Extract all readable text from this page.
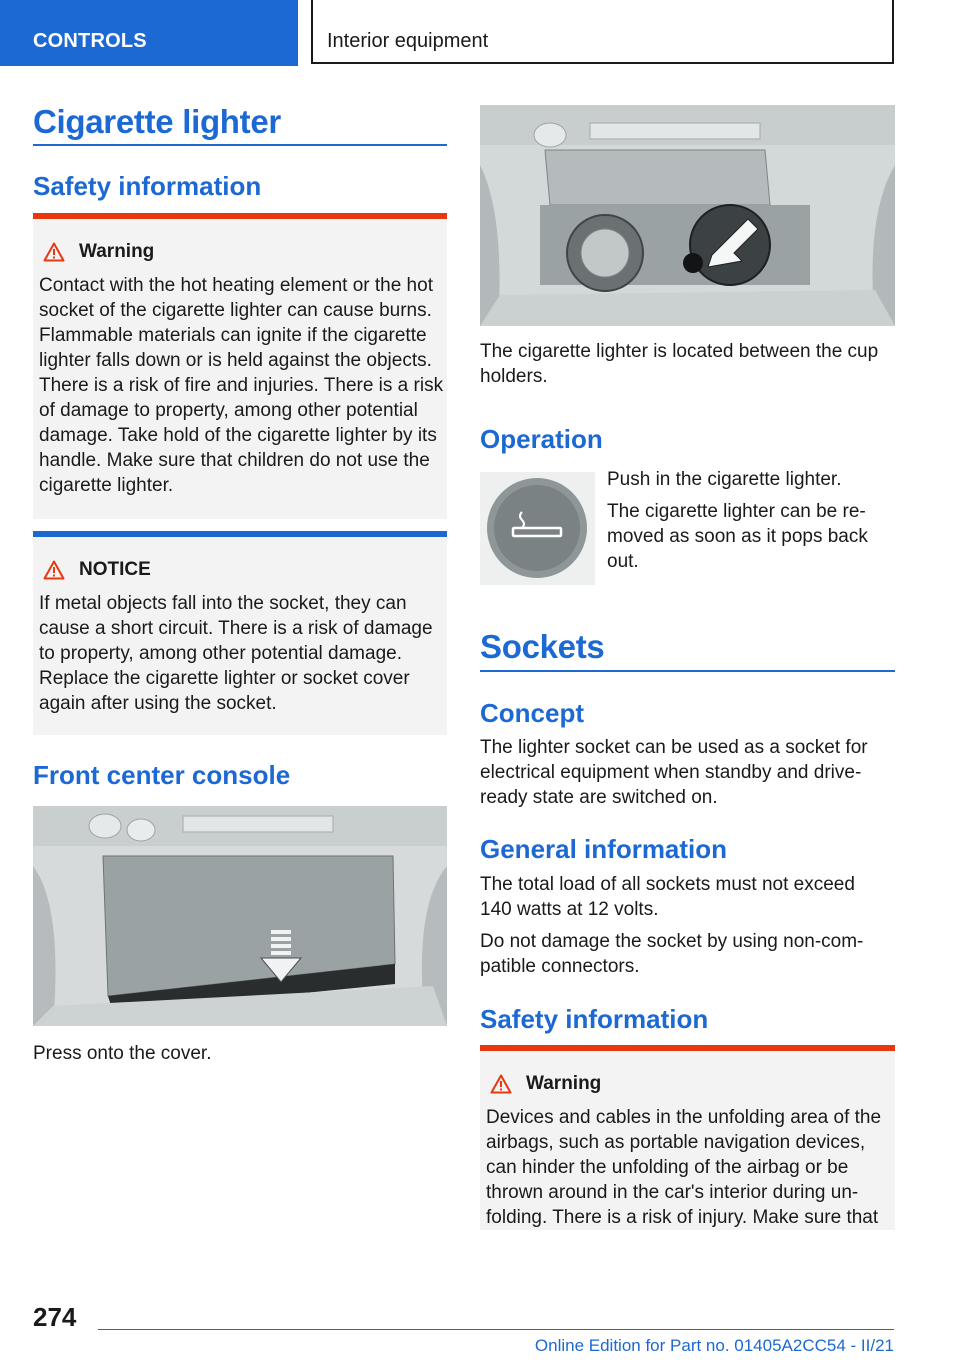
CONTROLS	Interior equipment
Cigarette lighter
Safety information
Warning
Contact with the hot heating element or the hot socket of the cigarette lighter can cause burns. Flammable materials can ignite if the cigarette lighter falls down or is held against the objects. There is a risk of fire and injuries. There is a risk of damage to property, among other potential damage. Take hold of the cigarette lighter by its handle. Make sure that children do not use the cigarette lighter.
NOTICE
If metal objects fall into the socket, they can cause a short circuit. There is a risk of damage to property, among other potential damage. Replace the cigarette lighter or socket cover again after using the socket.
Front center console
Press onto the cover.
The cigarette lighter is located between the cup holders.
Operation
Push in the cigarette lighter.
The cigarette lighter can be re-moved as soon as it pops back out.
Sockets
Concept
The lighter socket can be used as a socket for electrical equipment when standby and drive-ready state are switched on.
General information
The total load of all sockets must not exceed 140 watts at 12 volts.
Do not damage the socket by using non-com-patible connectors.
Safety information
Warning
Devices and cables in the unfolding area of the airbags, such as portable navigation devices, can hinder the unfolding of the airbag or be thrown around in the car's interior during un-folding. There is a risk of injury. Make sure that
274
Online Edition for Part no. 01405A2CC54 - II/21
